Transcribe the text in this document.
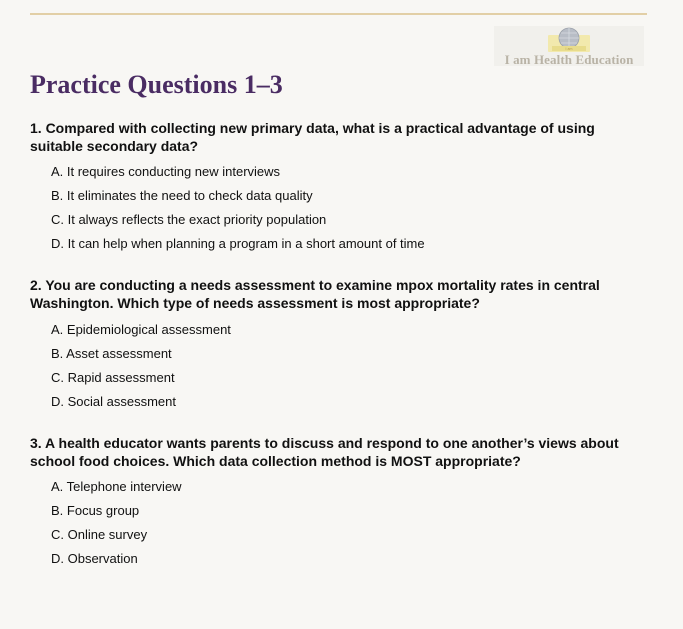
I am
I am Health Education
Practice Questions 1–3

1. Compared with collecting new primary data, what is a practical advantage of using suitable secondary data?

A. It requires conducting new interviews
B. It eliminates the need to check data quality
C. It always reflects the exact priority population
D. It can help when planning a program in a short amount of time

2. You are conducting a needs assessment to examine mpox mortality rates in central Washington. Which type of needs assessment is most appropriate?

A. Epidemiological assessment
B. Asset assessment
C. Rapid assessment
D. Social assessment

3. A health educator wants parents to discuss and respond to one another’s views about school food choices. Which data collection method is MOST appropriate?

A. Telephone interview
B. Focus group
C. Online survey
D. Observation
